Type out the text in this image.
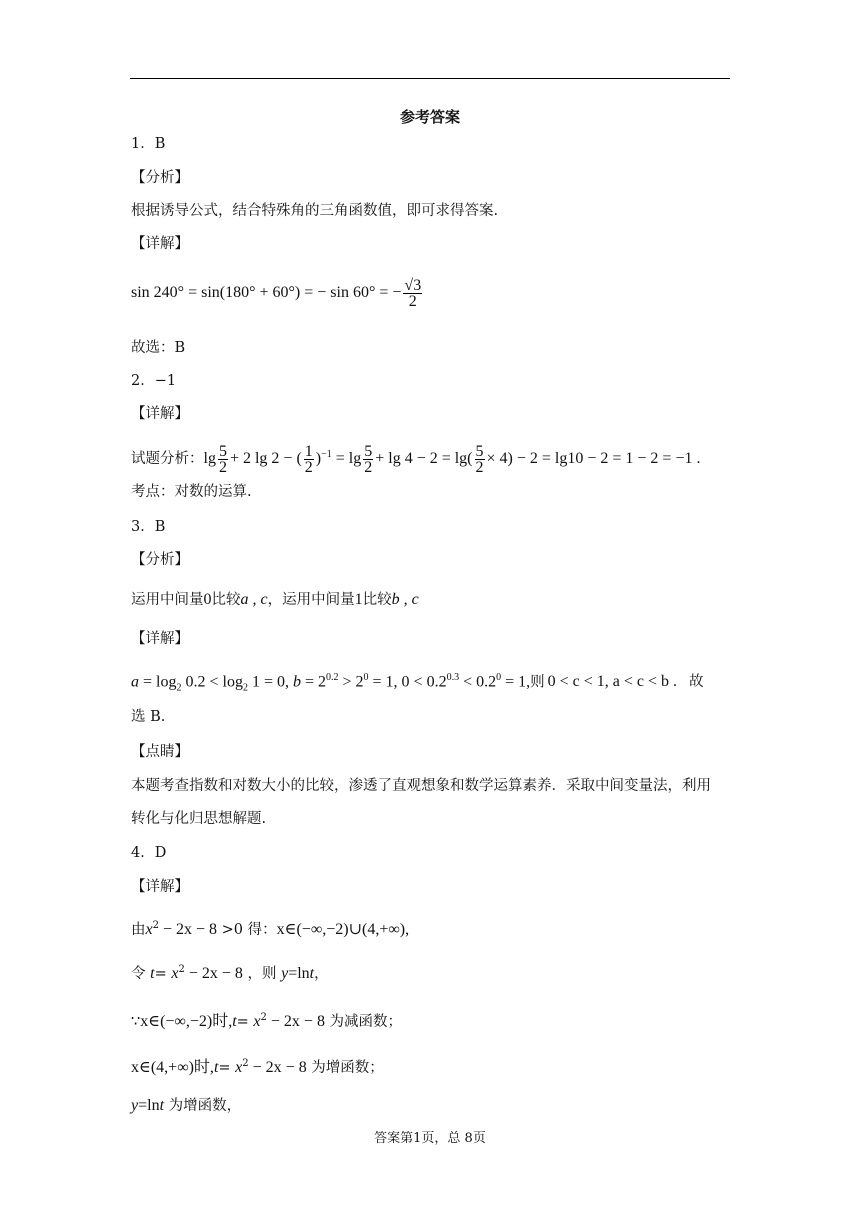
参考答案
1．B
【分析】
根据诱导公式，结合特殊角的三角函数值，即可求得答案.
【详解】
sin 240° = sin(180° + 60°) = − sin 60° = − $\frac{√3}{2}$
故选：B
2．−1
【详解】
试题分析：$\lg \frac{5}{2} + 2$ lg 2 − ( $\frac{1}{2} )^{-1} = \lg \frac{5}{2} + \lg 4 - 2 = \lg( \frac{5}{2} \times 4) - 2 = \lg 10 - 2 = 1 - 2 = -1$ .
考点：对数的运算.
3．B
【分析】
运用中间量0比较a , c，运用中间量1比较b , c
【详解】
$a = \log_2 0.2 < \log_2 1 = 0$, $b = 2^{0.2} > 2^0 = 1$, $0 < 0.2^{0.3} < 0.2^0 = 1$,则 0 < c < 1, a < c < b . 故
选 B.
【点睛】
本题考查指数和对数大小的比较，渗透了直观想象和数学运算素养．采取中间变量法，利用
转化与化归思想解题.
4．D
【详解】
由$x^2 - 2x - 8 >0$ 得：x∈(−∞,−2)∪(4,+∞),
令 $t= x^2 - 2x - 8$ ，则 y=lnt，
∵x∈(−∞,−2)时$,t= x^2 - 2x - 8$ 为减函数；
x∈(4,+∞)时$,t= x^2 - 2x - 8$ 为增函数；
y=lnt 为增函数，
答案第1页，总 8页
